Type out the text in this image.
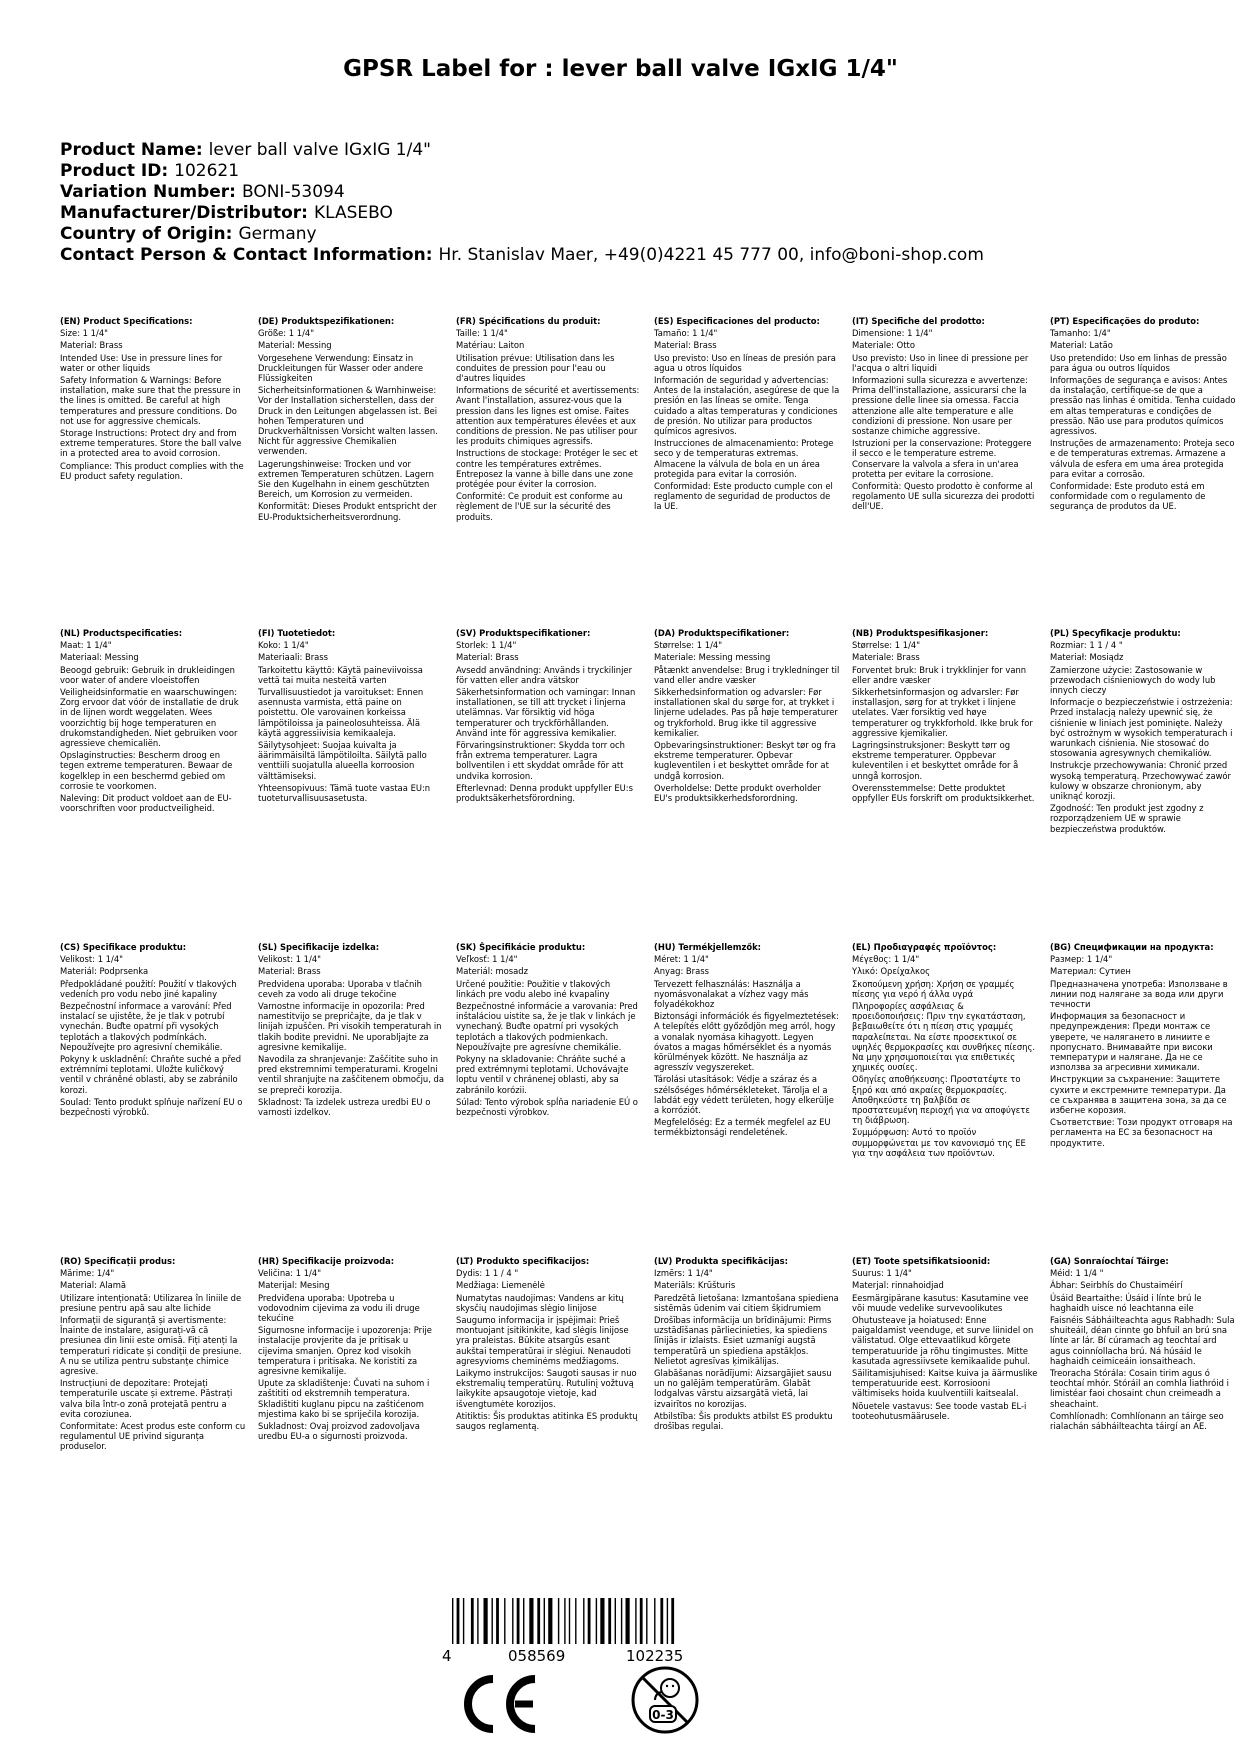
GPSR Label for : lever ball valve IGxIG 1/4"
Product Name: lever ball valve IGxIG 1/4"
Product ID: 102621
Variation Number: BONI-53094
Manufacturer/Distributor: KLASEBO
Country of Origin: Germany
Contact Person & Contact Information: Hr. Stanislav Maer, +49(0)4221 45 777 00, info@boni-shop.com

(EN) Product Specifications:

Size: 1 1/4"

Material: Brass

Intended Use: Use in pressure lines for water or other liquids

Safety Information & Warnings: Before installation, make sure that the pressure in the lines is omitted. Be careful at high temperatures and pressure conditions. Do not use for aggressive chemicals.

Storage Instructions: Protect dry and from extreme temperatures. Store the ball valve in a protected area to avoid corrosion.

Compliance: This product complies with the EU product safety regulation.

(DE) Produktspezifikationen:

Größe: 1 1/4"

Material: Messing

Vorgesehene Verwendung: Einsatz in Druckleitungen für Wasser oder andere Flüssigkeiten

Sicherheitsinformationen & Warnhinweise: Vor der Installation sicherstellen, dass der Druck in den Leitungen abgelassen ist. Bei hohen Temperaturen und Druckverhältnissen Vorsicht walten lassen. Nicht für aggressive Chemikalien verwenden.

Lagerungshinweise: Trocken und vor extremen Temperaturen schützen. Lagern Sie den Kugelhahn in einem geschützten Bereich, um Korrosion zu vermeiden.

Konformität: Dieses Produkt entspricht der EU-Produktsicherheitsverordnung.

(FR) Spécifications du produit:

Taille: 1 1/4"

Matériau: Laiton

Utilisation prévue: Utilisation dans les conduites de pression pour l'eau ou d'autres liquides

Informations de sécurité et avertissements: Avant l'installation, assurez-vous que la pression dans les lignes est omise. Faites attention aux températures élevées et aux conditions de pression. Ne pas utiliser pour les produits chimiques agressifs.

Instructions de stockage: Protéger le sec et contre les températures extrêmes. Entreposez la vanne à bille dans une zone protégée pour éviter la corrosion.

Conformité: Ce produit est conforme au règlement de l'UE sur la sécurité des produits.

(ES) Especificaciones del producto:

Tamaño: 1 1/4"

Material: Brass

Uso previsto: Uso en líneas de presión para agua u otros líquidos

Información de seguridad y advertencias: Antes de la instalación, asegúrese de que la presión en las líneas se omite. Tenga cuidado a altas temperaturas y condiciones de presión. No utilizar para productos químicos agresivos.

Instrucciones de almacenamiento: Protege seco y de temperaturas extremas. Almacene la válvula de bola en un área protegida para evitar la corrosión.

Conformidad: Este producto cumple con el reglamento de seguridad de productos de la UE.

(IT) Specifiche del prodotto:

Dimensione: 1 1/4"

Materiale: Otto

Uso previsto: Uso in linee di pressione per l'acqua o altri liquidi

Informazioni sulla sicurezza e avvertenze: Prima dell'installazione, assicurarsi che la pressione delle linee sia omessa. Faccia attenzione alle alte temperature e alle condizioni di pressione. Non usare per sostanze chimiche aggressive.

Istruzioni per la conservazione: Proteggere il secco e le temperature estreme. Conservare la valvola a sfera in un'area protetta per evitare la corrosione.

Conformità: Questo prodotto è conforme al regolamento UE sulla sicurezza dei prodotti dell'UE.

(PT) Especificações do produto:

Tamanho: 1/4"

Material: Latão

Uso pretendido: Uso em linhas de pressão para água ou outros líquidos

Informações de segurança e avisos: Antes da instalação, certifique-se de que a pressão nas linhas é omitida. Tenha cuidado em altas temperaturas e condições de pressão. Não use para produtos químicos agressivos.

Instruções de armazenamento: Proteja seco e de temperaturas extremas. Armazene a válvula de esfera em uma área protegida para evitar a corrosão.

Conformidade: Este produto está em conformidade com o regulamento de segurança de produtos da UE.

(NL) Productspecificaties:

Maat: 1 1/4"

Materiaal: Messing

Beoogd gebruik: Gebruik in drukleidingen voor water of andere vloeistoffen

Veiligheidsinformatie en waarschuwingen: Zorg ervoor dat vóór de installatie de druk in de lijnen wordt weggelaten. Wees voorzichtig bij hoge temperaturen en drukomstandigheden. Niet gebruiken voor agressieve chemicaliën.

Opslaginstructies: Bescherm droog en tegen extreme temperaturen. Bewaar de kogelklep in een beschermd gebied om corrosie te voorkomen.

Naleving: Dit product voldoet aan de EU-voorschriften voor productveiligheid.

(FI) Tuotetiedot:

Koko: 1 1/4"

Materiaali: Brass

Tarkoitettu käyttö: Käytä paineviivoissa vettä tai muita nesteitä varten

Turvallisuustiedot ja varoitukset: Ennen asennusta varmista, että paine on poistettu. Ole varovainen korkeissa lämpötiloissa ja paineolosuhteissa. Älä käytä aggressiivisia kemikaaleja.

Säilytysohjeet: Suojaa kuivalta ja äärimmäisiltä lämpötiloilta. Säilytä pallo venttiili suojatulla alueella korroosion välttämiseksi.

Yhteensopivuus: Tämä tuote vastaa EU:n tuoteturvallisuusasetusta.

(SV) Produktspecifikationer:

Storlek: 1 1/4"

Material: Brass

Avsedd användning: Används i tryckilinjer för vatten eller andra vätskor

Säkerhetsinformation och varningar: Innan installationen, se till att trycket i linjerna utelämnas. Var försiktig vid höga temperaturer och tryckförhållanden. Använd inte för aggressiva kemikalier.

Förvaringsinstruktioner: Skydda torr och från extrema temperaturer. Lagra bollventilen i ett skyddat område för att undvika korrosion.

Efterlevnad: Denna produkt uppfyller EU:s produktsäkerhetsförordning.

(DA) Produktspecifikationer:

Størrelse: 1 1/4"

Materiale: Messing messing

Påtænkt anvendelse: Brug i trykledninger til vand eller andre væsker

Sikkerhedsinformation og advarsler: Før installationen skal du sørge for, at trykket i linjerne udelades. Pas på høje temperaturer og trykforhold. Brug ikke til aggressive kemikalier.

Opbevaringsinstruktioner: Beskyt tør og fra ekstreme temperaturer. Opbevar kugleventilen i et beskyttet område for at undgå korrosion.

Overholdelse: Dette produkt overholder EU's produktsikkerhedsforordning.

(NB) Produktspesifikasjoner:

Størrelse: 1 1/4"

Materiale: Brass

Forventet bruk: Bruk i trykklinjer for vann eller andre væsker

Sikkerhetsinformasjon og advarsler: Før installasjon, sørg for at trykket i linjene utelates. Vær forsiktig ved høye temperaturer og trykkforhold. Ikke bruk for aggressive kjemikalier.

Lagringsinstruksjoner: Beskytt tørr og ekstreme temperaturer. Oppbevar kuleventilen i et beskyttet område for å unngå korrosjon.

Overensstemmelse: Dette produktet oppfyller EUs forskrift om produktsikkerhet.

(PL) Specyfikacje produktu:

Rozmiar: 1 1 / 4 "

Materiał: Mosiądz

Zamierzone użycie: Zastosowanie w przewodach ciśnieniowych do wody lub innych cieczy

Informacje o bezpieczeństwie i ostrzeżenia: Przed instalacją należy upewnić się, że ciśnienie w liniach jest pominięte. Należy być ostrożnym w wysokich temperaturach i warunkach ciśnienia. Nie stosować do stosowania agresywnych chemikaliów.

Instrukcje przechowywania: Chronić przed wysoką temperaturą. Przechowywać zawór kulowy w obszarze chronionym, aby uniknąć korozji.

Zgodność: Ten produkt jest zgodny z rozporządzeniem UE w sprawie bezpieczeństwa produktów.

(CS) Specifikace produktu:

Velikost: 1 1/4"

Materiál: Podprsenka

Předpokládané použití: Použití v tlakových vedeních pro vodu nebo jiné kapaliny

Bezpečnostní informace a varování: Před instalací se ujistěte, že je tlak v potrubí vynechán. Buďte opatrní při vysokých teplotách a tlakových podmínkách. Nepoužívejte pro agresivní chemikálie.

Pokyny k uskladnění: Chraňte suché a před extrémními teplotami. Uložte kuličkový ventil v chráněné oblasti, aby se zabránilo korozi.

Soulad: Tento produkt splňuje nařízení EU o bezpečnosti výrobků.

(SL) Specifikacije izdelka:

Velikost: 1 1/4"

Material: Brass

Predvidena uporaba: Uporaba v tlačnih ceveh za vodo ali druge tekočine

Varnostne informacije in opozorila: Pred namestitvijo se prepričajte, da je tlak v linijah izpuščen. Pri visokih temperaturah in tlakih bodite previdni. Ne uporabljajte za agresivne kemikalije.

Navodila za shranjevanje: Zaščitite suho in pred ekstremnimi temperaturami. Krogelni ventil shranjujte na zaščitenem območju, da se prepreči korozija.

Skladnost: Ta izdelek ustreza uredbi EU o varnosti izdelkov.

(SK) Špecifikácie produktu:

Veľkosť: 1 1/4"

Materiál: mosadz

Určené použitie: Použitie v tlakových linkách pre vodu alebo iné kvapaliny

Bezpečnostné informácie a varovania: Pred inštaláciou uistite sa, že je tlak v linkách je vynechaný. Buďte opatrní pri vysokých teplotách a tlakových podmienkach. Nepoužívajte pre agresívne chemikálie.

Pokyny na skladovanie: Chráňte suché a pred extrémnymi teplotami. Uchovávajte loptu ventil v chránenej oblasti, aby sa zabránilo korózii.

Súlad: Tento výrobok spĺňa nariadenie EÚ o bezpečnosti výrobkov.

(HU) Termékjellemzők:

Méret: 1 1/4"

Anyag: Brass

Tervezett felhasználás: Használja a nyomásvonalakat a vízhez vagy más folyadékokhoz

Biztonsági információk és figyelmeztetések: A telepítés előtt győződjön meg arról, hogy a vonalak nyomása kihagyott. Legyen óvatos a magas hőmérséklet és a nyomás körülmények között. Ne használja az agresszív vegyszereket.

Tárolási utasítások: Védje a száraz és a szélsőséges hőmérsékleteket. Tárolja el a labdát egy védett területen, hogy elkerülje a korróziót.

Megfelelőség: Ez a termék megfelel az EU termékbiztonsági rendeletének.

(EL) Προδιαγραφές προϊόντος:

Μέγεθος: 1 1/4"

Υλικό: Ορείχαλκος

Σκοπούμενη χρήση: Χρήση σε γραμμές πίεσης για νερό ή άλλα υγρά

Πληροφορίες ασφάλειας & προειδοποιήσεις: Πριν την εγκατάσταση, βεβαιωθείτε ότι η πίεση στις γραμμές παραλείπεται. Να είστε προσεκτικοί σε υψηλές θερμοκρασίες και συνθήκες πίεσης. Να μην χρησιμοποιείται για επιθετικές χημικές ουσίες.

Οδηγίες αποθήκευσης: Προστατέψτε το ξηρό και από ακραίες θερμοκρασίες. Αποθηκεύστε τη βαλβίδα σε προστατευμένη περιοχή για να αποφύγετε τη διάβρωση.

Συμμόρφωση: Αυτό το προϊόν συμμορφώνεται με τον κανονισμό της ΕΕ για την ασφάλεια των προϊόντων.

(BG) Спецификации на продукта:

Размер: 1 1/4"

Материал: Сутиен

Предназначена употреба: Използване в линии под налягане за вода или други течности

Информация за безопасност и предупреждения: Преди монтаж се уверете, че налягането в линиите е пропуснато. Внимавайте при високи температури и налягане. Да не се използва за агресивни химикали.

Инструкции за съхранение: Защитете сухите и екстремните температури. Да се съхранява в защитена зона, за да се избегне корозия.

Съответствие: Този продукт отговаря на регламента на ЕС за безопасност на продуктите.

(RO) Specificații produs:

Mărime: 1/4"

Material: Alamă

Utilizare intenționată: Utilizarea în liniile de presiune pentru apă sau alte lichide

Informații de siguranță și avertismente: Înainte de instalare, asigurați-vă că presiunea din linii este omisă. Fiți atenți la temperaturi ridicate și condiții de presiune. A nu se utiliza pentru substanțe chimice agresive.

Instrucțiuni de depozitare: Protejați temperaturile uscate și extreme. Păstrați valva bila într-o zonă protejată pentru a evita coroziunea.

Conformitate: Acest produs este conform cu regulamentul UE privind siguranța produselor.

(HR) Specifikacije proizvoda:

Veličina: 1 1/4"

Materijal: Mesing

Predviđena uporaba: Upotreba u vodovodnim cijevima za vodu ili druge tekućine

Sigurnosne informacije i upozorenja: Prije instalacije provjerite da je pritisak u cijevima smanjen. Oprez kod visokih temperatura i pritisaka. Ne koristiti za agresivne kemikalije.

Upute za skladištenje: Čuvati na suhom i zaštititi od ekstremnih temperatura. Skladištiti kuglanu pipcu na zaštićenom mjestima kako bi se spriječila korozija.

Sukladnost: Ovaj proizvod zadovoljava uredbu EU-a o sigurnosti proizvoda.

(LT) Produkto specifikacijos:

Dydis: 1 1 / 4 "

Medžiaga: Liemenėlė

Numatytas naudojimas: Vandens ar kitų skysčių naudojimas slėgio linijose

Saugumo informacija ir įspėjimai: Prieš montuojant įsitikinkite, kad slėgis linijose yra praleistas. Būkite atsargūs esant aukštai temperatūrai ir slėgiui. Nenaudoti agresyvioms cheminėms medžiagoms.

Laikymo instrukcijos: Saugoti sausas ir nuo ekstremalių temperatūrų. Rutulinį vožtuvą laikykite apsaugotoje vietoje, kad išvengtumėte korozijos.

Atitiktis: Šis produktas atitinka ES produktų saugos reglamentą.

(LV) Produkta specifikācijas:

Izmērs: 1 1/4"

Materiāls: Krūšturis

Paredzētā lietošana: Izmantošana spiediena sistēmās ūdenim vai citiem šķidrumiem

Drošības informācija un brīdinājumi: Pirms uzstādīšanas pārliecinieties, ka spiediens līnijās ir izlaists. Esiet uzmanīgi augstā temperatūrā un spiediena apstākļos. Nelietot agresīvas ķimikālijas.

Glabāšanas norādījumi: Aizsargājiet sausu un no galējām temperatūrām. Glabāt lodgalvas vārstu aizsargātā vietā, lai izvairītos no korozijas.

Atbilstība: Šis produkts atbilst ES produktu drošības regulai.

(ET) Toote spetsifikatsioonid:

Suurus: 1 1/4"

Materjal: rinnahoidjad

Eesmärgipärane kasutus: Kasutamine vee või muude vedelike survevoolikutes

Ohutusteave ja hoiatused: Enne paigaldamist veenduge, et surve liinidel on välistatud. Olge ettevaatlikud kõrgete temperatuuride ja rõhu tingimustes. Mitte kasutada agressiivsete kemikaalide puhul.

Säilitamisjuhised: Kaitse kuiva ja äärmuslike temperatuuride eest. Korrosiooni vältimiseks hoida kuulventiili kaitsealal.

Nõuetele vastavus: See toode vastab EL-i tooteohutusmäärusele.

(GA) Sonraíochtaí Táirge:

Méid: 1 1/4 "

Ábhar: Seirbhís do Chustaiméirí

Úsáid Beartaithe: Úsáid i línte brú le haghaidh uisce nó leachtanna eile

Faisnéis Sábháilteachta agus Rabhadh: Sula shuiteáil, déan cinnte go bhfuil an brú sna línte ar lár. Bí cúramach ag teochtaí ard agus coinníollacha brú. Ná húsáid le haghaidh ceimiceáin ionsaitheach.

Treoracha Stórála: Cosain tirim agus ó teochtaí mhór. Stóráil an comhla liathróid i limistéar faoi chosaint chun creimeadh a sheachaint.

Comhlíonadh: Comhlíonann an táirge seo rialachán sábháilteachta táirgí an AE.

4	058569	102235
0-3
